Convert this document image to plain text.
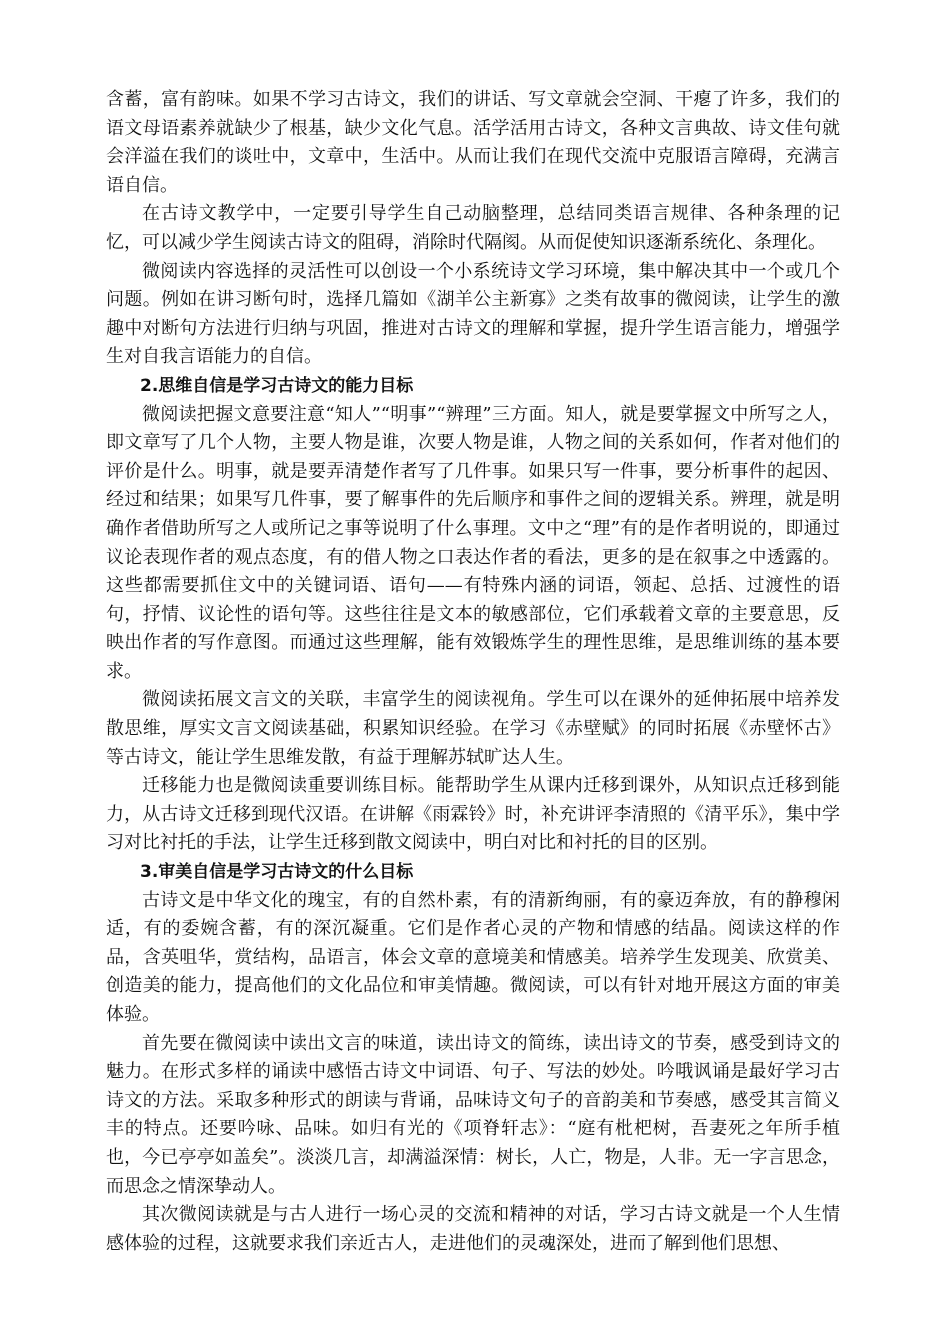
含蓄，富有韵味。如果不学习古诗文，我们的讲话、写文章就会空洞、干瘪了许多，我们的语文母语素养就缺少了根基，缺少文化气息。活学活用古诗文，各种文言典故、诗文佳句就会洋溢在我们的谈吐中，文章中，生活中。从而让我们在现代交流中克服语言障碍，充满言语自信。

在古诗文教学中，一定要引导学生自己动脑整理，总结同类语言规律、各种条理的记忆，可以减少学生阅读古诗文的阻碍，消除时代隔阂。从而促使知识逐渐系统化、条理化。

微阅读内容选择的灵活性可以创设一个小系统诗文学习环境，集中解决其中一个或几个问题。例如在讲习断句时，选择几篇如《湖羊公主新寡》之类有故事的微阅读，让学生的激趣中对断句方法进行归纳与巩固，推进对古诗文的理解和掌握，提升学生语言能力，增强学生对自我言语能力的自信。

2.思维自信是学习古诗文的能力目标

微阅读把握文意要注意“知人”“明事”“辨理”三方面。知人，就是要掌握文中所写之人，即文章写了几个人物，主要人物是谁，次要人物是谁，人物之间的关系如何，作者对他们的评价是什么。明事，就是要弄清楚作者写了几件事。如果只写一件事，要分析事件的起因、经过和结果；如果写几件事，要了解事件的先后顺序和事件之间的逻辑关系。辨理，就是明确作者借助所写之人或所记之事等说明了什么事理。文中之“理”有的是作者明说的，即通过议论表现作者的观点态度，有的借人物之口表达作者的看法，更多的是在叙事之中透露的。这些都需要抓住文中的关键词语、语句——有特殊内涵的词语，领起、总括、过渡性的语句，抒情、议论性的语句等。这些往往是文本的敏感部位，它们承载着文章的主要意思，反映出作者的写作意图。而通过这些理解，能有效锻炼学生的理性思维，是思维训练的基本要求。

微阅读拓展文言文的关联，丰富学生的阅读视角。学生可以在课外的延伸拓展中培养发散思维，厚实文言文阅读基础，积累知识经验。在学习《赤壁赋》的同时拓展《赤壁怀古》等古诗文，能让学生思维发散，有益于理解苏轼旷达人生。

迁移能力也是微阅读重要训练目标。能帮助学生从课内迁移到课外，从知识点迁移到能力，从古诗文迁移到现代汉语。在讲解《雨霖铃》时，补充讲评李清照的《清平乐》，集中学习对比衬托的手法，让学生迁移到散文阅读中，明白对比和衬托的目的区别。

3.审美自信是学习古诗文的什么目标

古诗文是中华文化的瑰宝，有的自然朴素，有的清新绚丽，有的豪迈奔放，有的静穆闲适，有的委婉含蓄，有的深沉凝重。它们是作者心灵的产物和情感的结晶。阅读这样的作品，含英咀华，赏结构，品语言，体会文章的意境美和情感美。培养学生发现美、欣赏美、创造美的能力，提高他们的文化品位和审美情趣。微阅读，可以有针对地开展这方面的审美体验。

首先要在微阅读中读出文言的味道，读出诗文的简练，读出诗文的节奏，感受到诗文的魅力。在形式多样的诵读中感悟古诗文中词语、句子、写法的妙处。吟哦讽诵是最好学习古诗文的方法。采取多种形式的朗读与背诵，品味诗文句子的音韵美和节奏感，感受其言简义丰的特点。还要吟咏、品味。如归有光的《项脊轩志》：“庭有枇杷树，吾妻死之年所手植也，今已亭亭如盖矣”。淡淡几言，却满溢深情：树长，人亡，物是，人非。无一字言思念，而思念之情深挚动人。

其次微阅读就是与古人进行一场心灵的交流和精神的对话，学习古诗文就是一个人生情感体验的过程，这就要求我们亲近古人，走进他们的灵魂深处，进而了解到他们思想、
